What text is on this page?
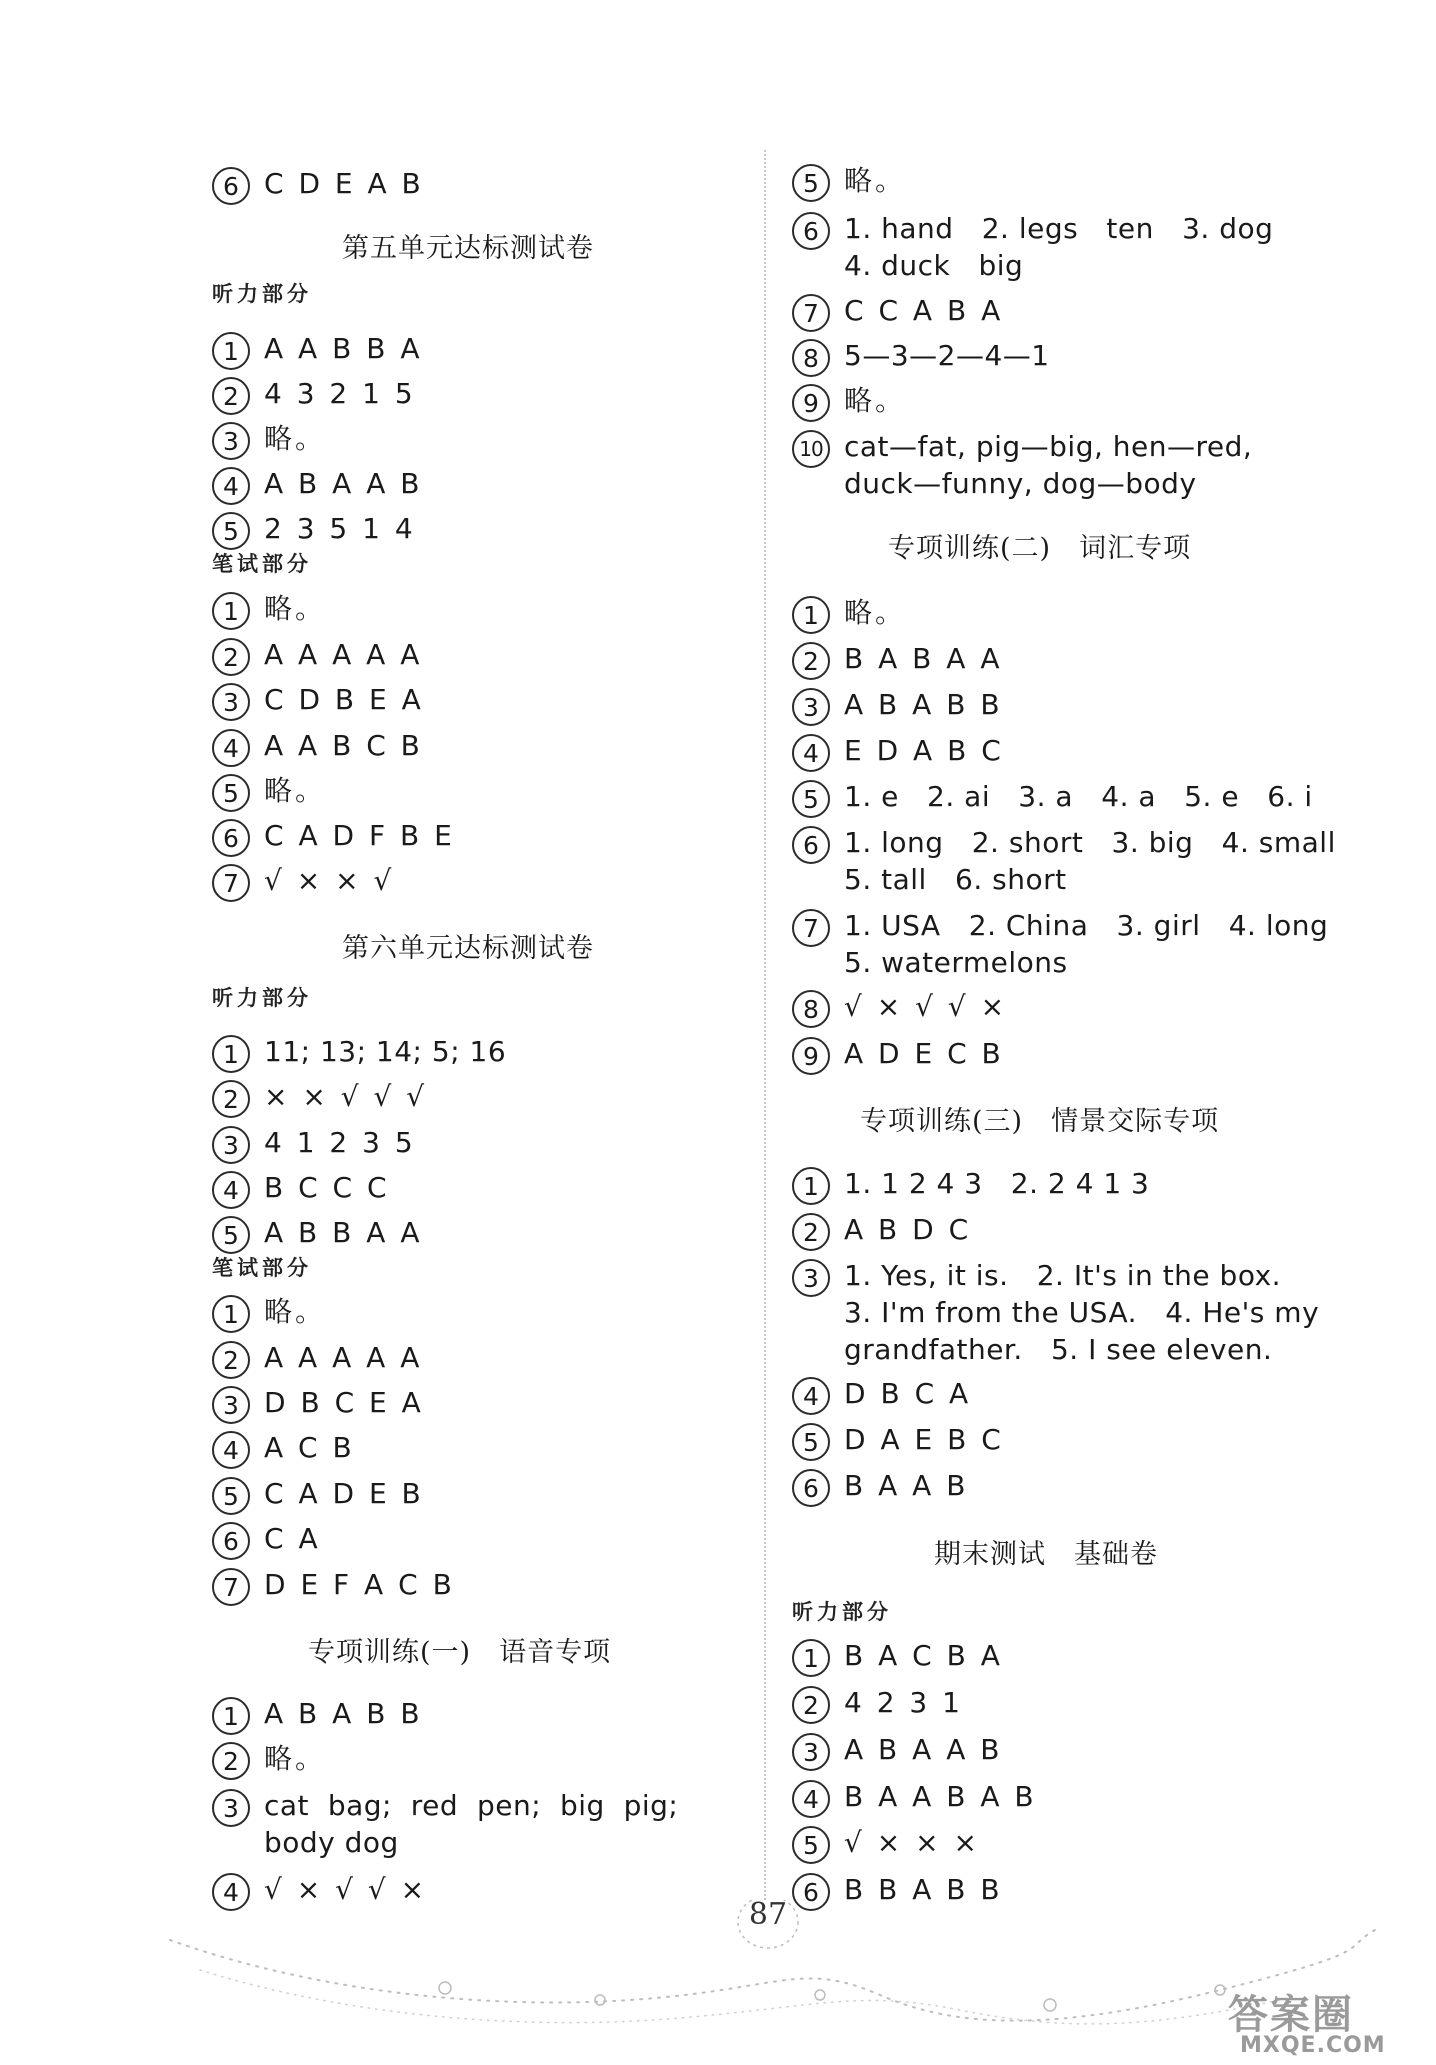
6 C D E A B
第五单元达标测试卷
听力部分
1 A A B B A
2 4 3 2 1 5
3 略。
4 A B A A B
5 2 3 5 1 4
笔试部分
1 略。
2 A A A A A
3 C D B E A
4 A A B C B
5 略。
6 C A D F B E
7 √ × × √
第六单元达标测试卷
听力部分
1 11; 13; 14; 5; 16
2 × × √ √ √
3 4 1 2 3 5
4 B C C C
5 A B B A A
笔试部分
1 略。
2 A A A A A
3 D B C E A
4 A C B
5 C A D E B
6 C A
7 D E F A C B
专项训练(一)　语音专项
1 A B A B B
2 略。
3 cat  bag;  red  pen;  big  pig;
body dog
4 √ × √ √ ×
5 略。
6 1. hand   2. legs   ten   3. dog
4. duck   big
7 C C A B A
8 5—3—2—4—1
9 略。
10 cat—fat, pig—big, hen—red,
duck—funny, dog—body
专项训练(二)　词汇专项
1 略。
2 B A B A A
3 A B A B B
4 E D A B C
5 1. e   2. ai   3. a   4. a   5. e   6. i
6 1. long   2. short   3. big   4. small
5. tall   6. short
7 1. USA   2. China   3. girl   4. long
5. watermelons
8 √ × √ √ ×
9 A D E C B
专项训练(三)　情景交际专项
1 1. 1 2 4 3   2. 2 4 1 3
2 A B D C
3 1. Yes, it is.   2. It's in the box.
3. I'm from the USA.   4. He's my
grandfather.   5. I see eleven.
4 D B C A
5 D A E B C
6 B A A B
期末测试　基础卷
听力部分
1 B A C B A
2 4 2 3 1
3 A B A A B
4 B A A B A B
5 √ × × ×
6 B B A B B
87
答案圈
MXQE.COM
